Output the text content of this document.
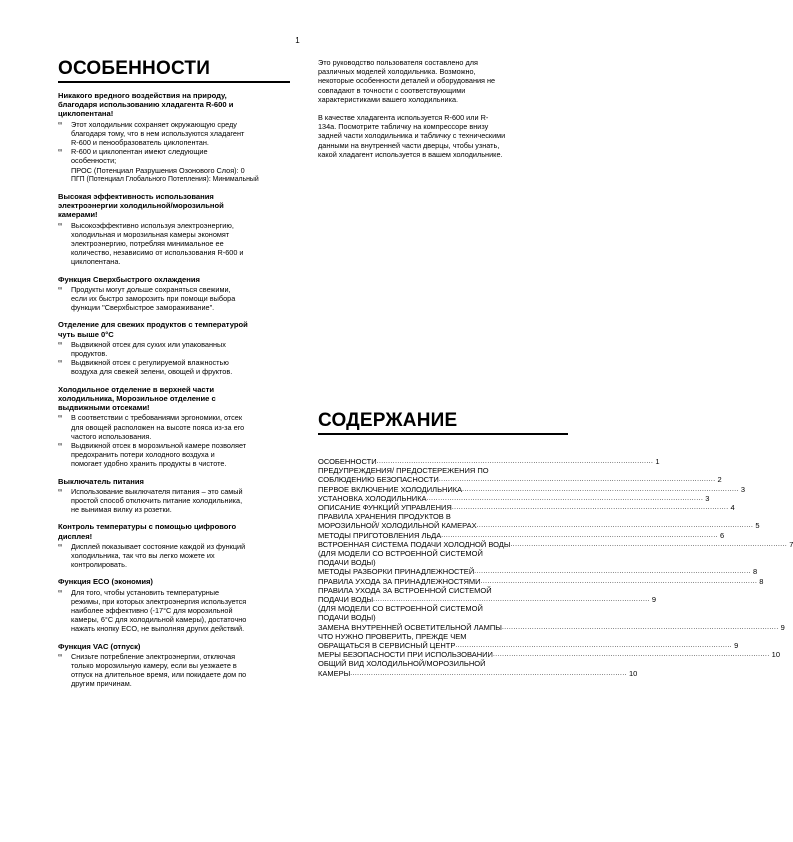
1
ОСОБЕННОСТИ
Никакого вредного воздействия на природу,
благодаря использованию хладагента R-600 и
циклопентана!
∞ Этот холодильник сохраняет окружающую среду
благодаря тому, что в нем используются хладагент
R-600 и пенообразователь циклопентан.
∞ R-600 и циклопентан имеют следующие
особенности;
ПРОС (Потенциал Разрушения Озонового Слоя): 0
ПГП (Потенциал Глобального Потепления): Минимальный
Высокая эффективность использования
электроэнергии холодильной/морозильной
камерами!
∞ Высокоэффективно используя электроэнергию,
холодильная и морозильная камеры экономят
электроэнергию, потребляя минимальное ее
количество, независимо от использования R-600 и
циклопентана.
Функция Сверхбыстрого охлаждения
∞ Продукты могут дольше сохраняться свежими,
если их быстро заморозить при помощи выбора
функции "Сверхбыстрое замораживание".
Отделение для свежих продуктов с температурой
чуть выше 0°С
∞ Выдвижной отсек для сухих или упакованных
продуктов.
∞ Выдвижной отсек с регулируемой влажностью
воздуха для свежей зелени, овощей и фруктов.
Холодильное отделение в верхней части
холодильника, Морозильное отделение с
выдвижными отсеками!
∞ В соответствии с требованиями эргономики, отсек
для овощей расположен на высоте пояса из-за его
частого использования.
∞ Выдвижной отсек в морозильной камере позволяет
предохранить потери холодного воздуха и
помогает удобно хранить продукты в чистоте.
Выключатель питания
∞ Использование выключателя питания – это самый
простой способ отключить питание холодильника,
не вынимая вилку из розетки.
Контроль температуры с помощью цифрового
дисплея!
∞ Дисплей показывает состояние каждой из функций
холодильника, так что вы легко можете их
контролировать.
Функция ECO (экономия)
∞ Для того, чтобы установить температурные
режимы, при которых электроэнергия используется
наиболее эффективно (-17°С для морозильной
камеры, 6°С для холодильной камеры), достаточно
нажать кнопку ECO, не выполняя других действий.
Функция VAC (отпуск)
∞ Снизьте потребление электроэнергии, отключая
только морозильную камеру, если вы уезжаете в
отпуск на длительное время, или покидаете дом по
другим причинам.
Это руководство пользователя составлено для
различных моделей холодильника. Возможно,
некоторые особенности деталей и оборудования не
совпадают в точности с соответствующими
характеристиками вашего холодильника.
В качестве хладагента используется R-600 или R-
134a. Посмотрите табличку на компрессоре внизу
задней части холодильника и табличку с техническими
данными на внутренней части дверцы, чтобы узнать,
какой хладагент используется в вашем холодильнике.
СОДЕРЖАНИЕ
ОСОБЕННОСТИ ........................................................................................................................ 1
ПРЕДУПРЕЖДЕНИЯ/ ПРЕДОСТЕРЕЖЕНИЯ ПО
СОБЛЮДЕНИЮ БЕЗОПАСНОСТИ ........................................................................................................................ 2
ПЕРВОЕ ВКЛЮЧЕНИЕ ХОЛОДИЛЬНИКА ........................................................................................................................ 3
УСТАНОВКА ХОЛОДИЛЬНИКА ........................................................................................................................ 3
ОПИСАНИЕ ФУНКЦИЙ УПРАВЛЕНИЯ ........................................................................................................................ 4
ПРАВИЛА ХРАНЕНИЯ ПРОДУКТОВ В
МОРОЗИЛЬНОЙ/ ХОЛОДИЛЬНОЙ КАМЕРАХ ........................................................................................................................ 5
МЕТОДЫ ПРИГОТОВЛЕНИЯ ЛЬДА ........................................................................................................................ 6
ВСТРОЕННАЯ СИСТЕМА ПОДАЧИ ХОЛОДНОЙ ВОДЫ ........................................................................................................................ 7
(ДЛЯ МОДЕЛИ СО ВСТРОЕННОЙ СИСТЕМОЙ
ПОДАЧИ ВОДЫ)
МЕТОДЫ РАЗБОРКИ ПРИНАДЛЕЖНОСТЕЙ ........................................................................................................................ 8
ПРАВИЛА УХОДА ЗА ПРИНАДЛЕЖНОСТЯМИ ........................................................................................................................ 8
ПРАВИЛА УХОДА ЗА ВСТРОЕННОЙ СИСТЕМОЙ
ПОДАЧИ ВОДЫ ........................................................................................................................ 9
(ДЛЯ МОДЕЛИ СО ВСТРОЕННОЙ СИСТЕМОЙ
ПОДАЧИ ВОДЫ)
ЗАМЕНА ВНУТРЕННЕЙ ОСВЕТИТЕЛЬНОЙ ЛАМПЫ ........................................................................................................................ 9
ЧТО НУЖНО ПРОВЕРИТЬ, ПРЕЖДЕ ЧЕМ
ОБРАЩАТЬСЯ В СЕРВИСНЫЙ ЦЕНТР ........................................................................................................................ 9
МЕРЫ БЕЗОПАСНОСТИ ПРИ ИСПОЛЬЗОВАНИИ ........................................................................................................................ 10
ОБЩИЙ ВИД ХОЛОДИЛЬНОЙ/МОРОЗИЛЬНОЙ
КАМЕРЫ ........................................................................................................................ 10
